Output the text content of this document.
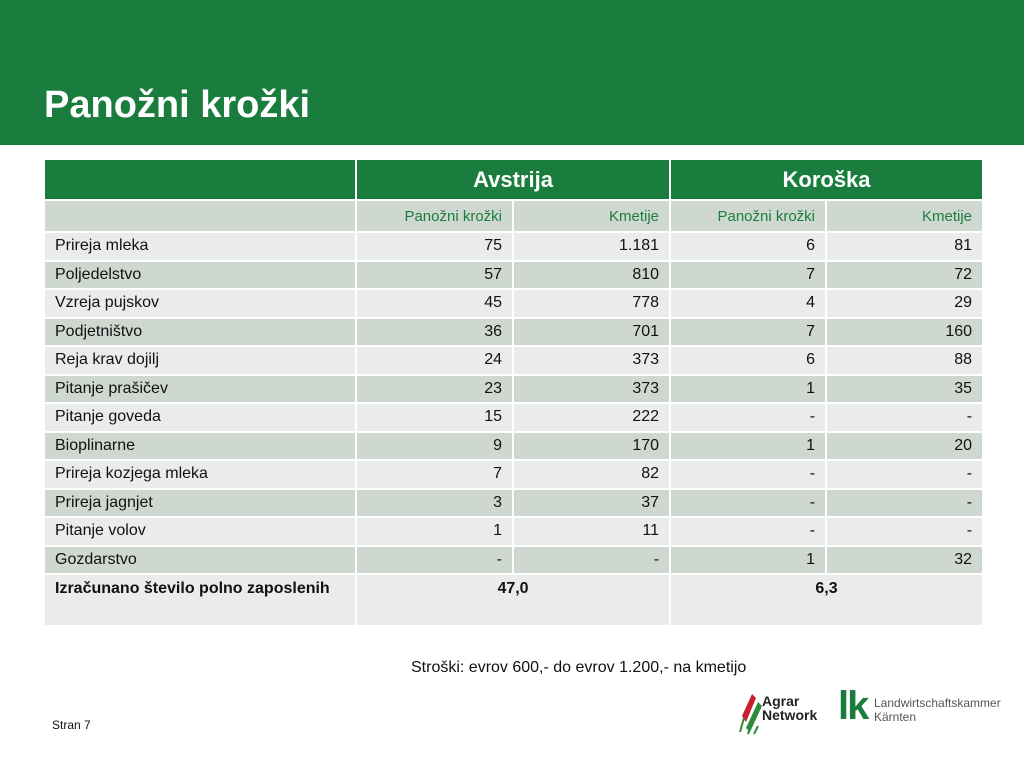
Panožni krožki
	Avstrija		Koroška	
	Panožni krožki	Kmetije	Panožni krožki	Kmetije
Prireja mleka	75	1.181	6	81
Poljedelstvo	57	810	7	72
Vzreja pujskov	45	778	4	29
Podjetništvo	36	701	7	160
Reja krav dojilj	24	373	6	88
Pitanje prašičev	23	373	1	35
Pitanje goveda	15	222	-	-
Bioplinarne	9	170	1	20
Prireja kozjega mleka	7	82	-	-
Prireja jagnjet	3	37	-	-
Pitanje volov	1	11	-	-
Gozdarstvo	-	-	1	32
Izračunano število polno zaposlenih	47,0		6,3	
Stroški: evrov 600,- do evrov 1.200,- na kmetijo
Stran 7
Agrar
Network lk Landwirtschaftskammer
Kärnten
